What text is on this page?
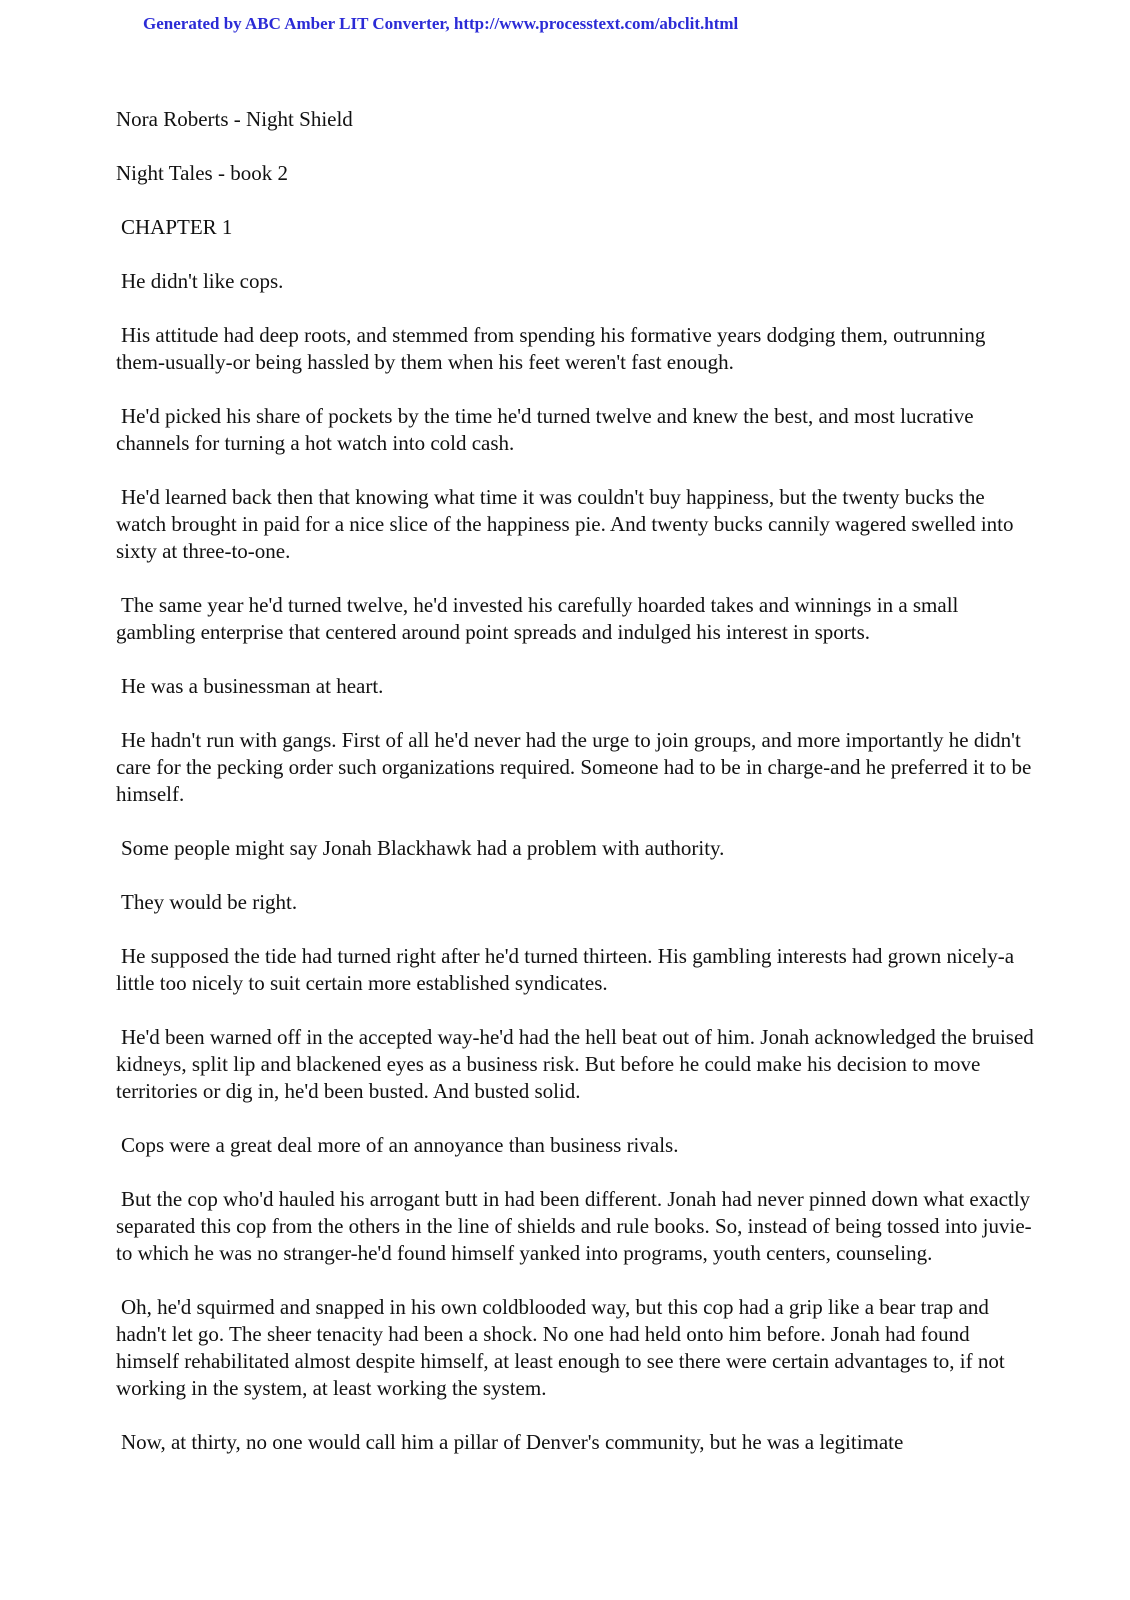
Generated by ABC Amber LIT Converter, http://www.processtext.com/abclit.html

Nora Roberts - Night Shield

Night Tales - book 2

CHAPTER 1

He didn't like cops.

His attitude had deep roots, and stemmed from spending his formative years dodging them, outrunning them-usually-or being hassled by them when his feet weren't fast enough.

He'd picked his share of pockets by the time he'd turned twelve and knew the best, and most lucrative channels for turning a hot watch into cold cash.

He'd learned back then that knowing what time it was couldn't buy happiness, but the twenty bucks the watch brought in paid for a nice slice of the happiness pie. And twenty bucks cannily wagered swelled into sixty at three-to-one.

The same year he'd turned twelve, he'd invested his carefully hoarded takes and winnings in a small gambling enterprise that centered around point spreads and indulged his interest in sports.

He was a businessman at heart.

He hadn't run with gangs. First of all he'd never had the urge to join groups, and more importantly he didn't care for the pecking order such organizations required. Someone had to be in charge-and he preferred it to be himself.

Some people might say Jonah Blackhawk had a problem with authority.

They would be right.

He supposed the tide had turned right after he'd turned thirteen. His gambling interests had grown nicely-a little too nicely to suit certain more established syndicates.

He'd been warned off in the accepted way-he'd had the hell beat out of him. Jonah acknowledged the bruised kidneys, split lip and blackened eyes as a business risk. But before he could make his decision to move territories or dig in, he'd been busted. And busted solid.

Cops were a great deal more of an annoyance than business rivals.

But the cop who'd hauled his arrogant butt in had been different. Jonah had never pinned down what exactly separated this cop from the others in the line of shields and rule books. So, instead of being tossed into juvie-to which he was no stranger-he'd found himself yanked into programs, youth centers, counseling.

Oh, he'd squirmed and snapped in his own coldblooded way, but this cop had a grip like a bear trap and hadn't let go. The sheer tenacity had been a shock. No one had held onto him before. Jonah had found himself rehabilitated almost despite himself, at least enough to see there were certain advantages to, if not working in the system, at least working the system.

Now, at thirty, no one would call him a pillar of Denver's community, but he was a legitimate
